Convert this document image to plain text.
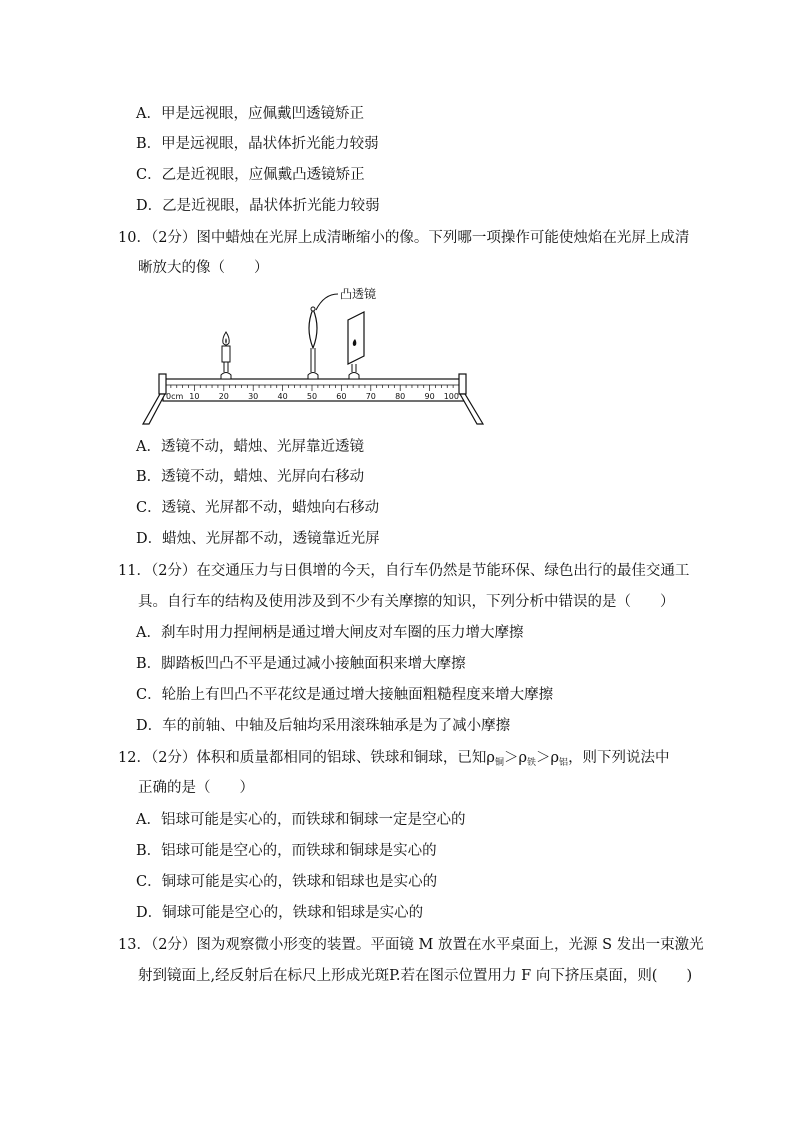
A．甲是远视眼，应佩戴凹透镜矫正
B．甲是远视眼，晶状体折光能力较弱
C．乙是近视眼，应佩戴凸透镜矫正
D．乙是近视眼，晶状体折光能力较弱
10．（2分）图中蜡烛在光屏上成清晰缩小的像。下列哪一项操作可能使烛焰在光屏上成清
晰放大的像（　　）
凸透镜
0cm 10 20 30 40 50 60 70 80 90 100
A．透镜不动，蜡烛、光屏靠近透镜
B．透镜不动，蜡烛、光屏向右移动
C．透镜、光屏都不动，蜡烛向右移动
D．蜡烛、光屏都不动，透镜靠近光屏
11．（2分）在交通压力与日俱增的今天，自行车仍然是节能环保、绿色出行的最佳交通工
具。自行车的结构及使用涉及到不少有关摩擦的知识，下列分析中错误的是（　　）
A．刹车时用力捏闸柄是通过增大闸皮对车圈的压力增大摩擦
B．脚踏板凹凸不平是通过减小接触面积来增大摩擦
C．轮胎上有凹凸不平花纹是通过增大接触面粗糙程度来增大摩擦
D．车的前轴、中轴及后轴均采用滚珠轴承是为了减小摩擦
12．（2分）体积和质量都相同的铝球、铁球和铜球，已知$\rho_铜>\rho_铁>\rho_铝$，则下列说法中
正确的是（　　）
A．铝球可能是实心的，而铁球和铜球一定是空心的
B．铝球可能是空心的，而铁球和铜球是实心的
C．铜球可能是实心的，铁球和铝球也是实心的
D．铜球可能是空心的，铁球和铝球是实心的
13．（2分）图为观察微小形变的装置。平面镜 M 放置在水平桌面上，光源 S 发出一束激光
射到镜面上,经反射后在标尺上形成光斑P.若在图示位置用力 F 向下挤压桌面，则(　　)
